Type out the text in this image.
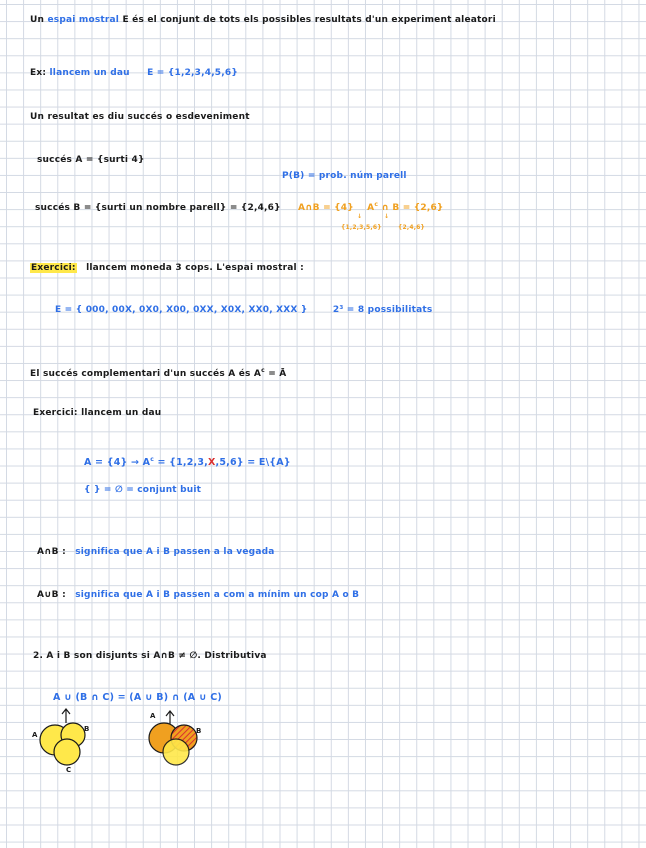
Un espai mostral E és el conjunt de tots els possibles resultats d'un experiment aleatori
Ex: llancem un dau E = {1,2,3,4,5,6}
Un resultat es diu succés o esdeveniment
succés A = {surti 4}
P(B) = prob. núm parell
succés B = {surti un nombre parell} = {2,4,6} A∩B = {4} $A^c$ ∩ B = {2,6}
↓	↓
{1,2,3,5,6}	{2,4,6}
Exercici: llancem moneda 3 cops. L'espai mostral :
E = { 000, 00X, 0X0, X00, 0XX, X0X, XX0, XXX }	2³ = 8 possibilitats
El succés complementari d'un succés A és $A^c$ = Ā
Exercici: llancem un dau
$A = \{4\} \to A^c = \{1,2,3,X,5,6\}$ = E\{A}
{ } = ∅ = conjunt buit
A∩B : significa que A i B passen a la vegada
A∪B : significa que A i B passen a com a mínim un cop A o B
2. A i B son disjunts si A∩B ≠ ∅. Distributiva
A ∪ (B ∩ C) = (A ∪ B) ∩ (A ∪ C)
A
B
C
A
B
